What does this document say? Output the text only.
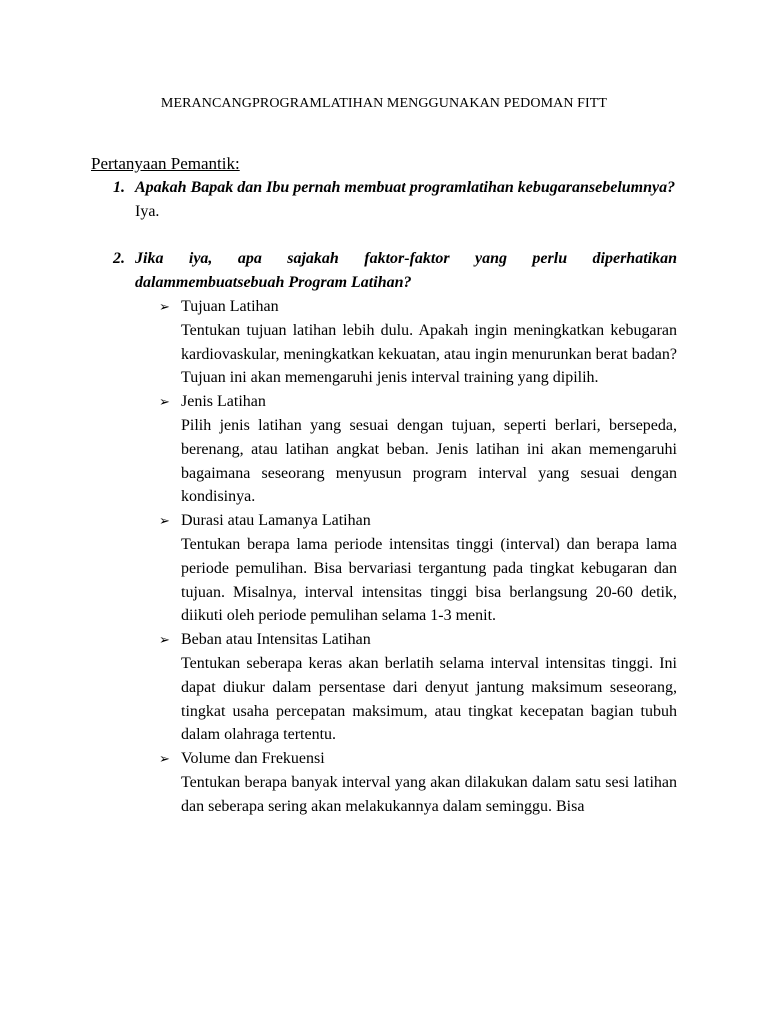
MERANCANGPROGRAMLATIHAN MENGGUNAKAN PEDOMAN FITT

Pertanyaan Pemantik:

1. Apakah Bapak dan Ibu pernah membuat programlatihan kebugaransebelumnya?

Iya.

2. Jika iya, apa sajakah faktor-faktor yang perlu diperhatikan dalammembuatsebuah Program Latihan?
➢ Tujuan Latihan

Tentukan tujuan latihan lebih dulu. Apakah ingin meningkatkan kebugaran kardiovaskular, meningkatkan kekuatan, atau ingin menurunkan berat badan? Tujuan ini akan memengaruhi jenis interval training yang dipilih.

➢ Jenis Latihan

Pilih jenis latihan yang sesuai dengan tujuan, seperti berlari, bersepeda, berenang, atau latihan angkat beban. Jenis latihan ini akan memengaruhi bagaimana seseorang menyusun program interval yang sesuai dengan kondisinya.

➢ Durasi atau Lamanya Latihan

Tentukan berapa lama periode intensitas tinggi (interval) dan berapa lama periode pemulihan. Bisa bervariasi tergantung pada tingkat kebugaran dan tujuan. Misalnya, interval intensitas tinggi bisa berlangsung 20-60 detik, diikuti oleh periode pemulihan selama 1-3 menit.

➢ Beban atau Intensitas Latihan

Tentukan seberapa keras akan berlatih selama interval intensitas tinggi. Ini dapat diukur dalam persentase dari denyut jantung maksimum seseorang, tingkat usaha percepatan maksimum, atau tingkat kecepatan bagian tubuh dalam olahraga tertentu.

➢ Volume dan Frekuensi

Tentukan berapa banyak interval yang akan dilakukan dalam satu sesi latihan dan seberapa sering akan melakukannya dalam seminggu. Bisa
